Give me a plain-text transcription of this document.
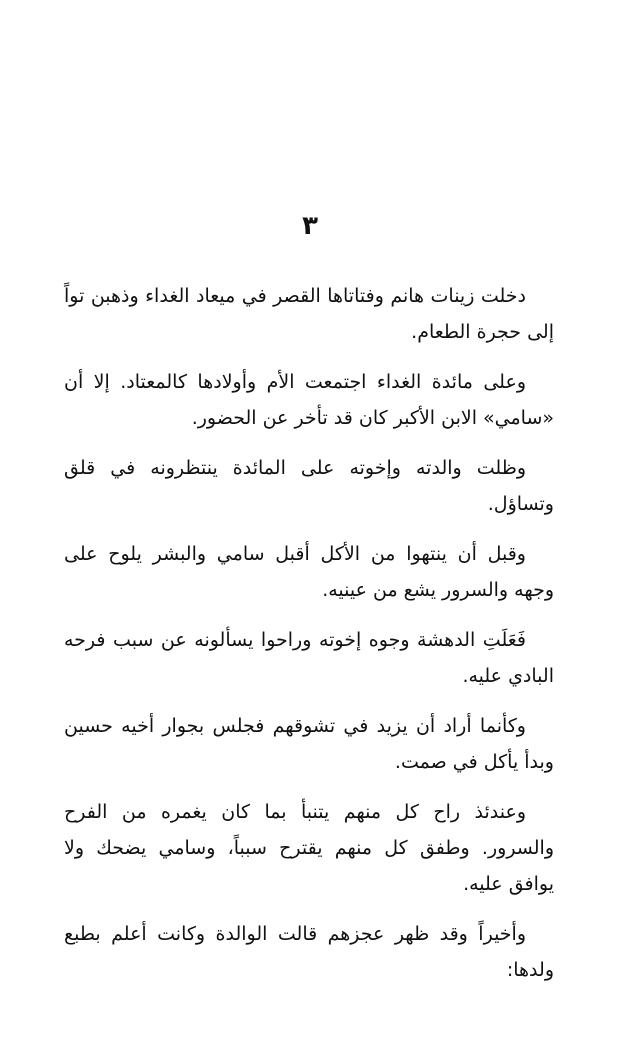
٣

دخلت زينات هانم وفتاتاها القصر في ميعاد الغداء وذهبن تواً إلى حجرة الطعام.

وعلى مائدة الغداء اجتمعت الأم وأولادها كالمعتاد. إلا أن «سامي» الابن الأكبر كان قد تأخر عن الحضور.

وظلت والدته وإخوته على المائدة ينتظرونه في قلق وتساؤل.

وقبل أن ينتهوا من الأكل أقبل سامي والبشر يلوح على وجهه والسرور يشع من عينيه.

فَعَلَتِ الدهشة وجوه إخوته وراحوا يسألونه عن سبب فرحه البادي عليه.

وكأنما أراد أن يزيد في تشوقهم فجلس بجوار أخيه حسين وبدأ يأكل في صمت.

وعندئذ راح كل منهم يتنبأ بما كان يغمره من الفرح والسرور. وطفق كل منهم يقترح سبباً، وسامي يضحك ولا يوافق عليه.

وأخيراً وقد ظهر عجزهم قالت الوالدة وكانت أعلم بطبع ولدها:
